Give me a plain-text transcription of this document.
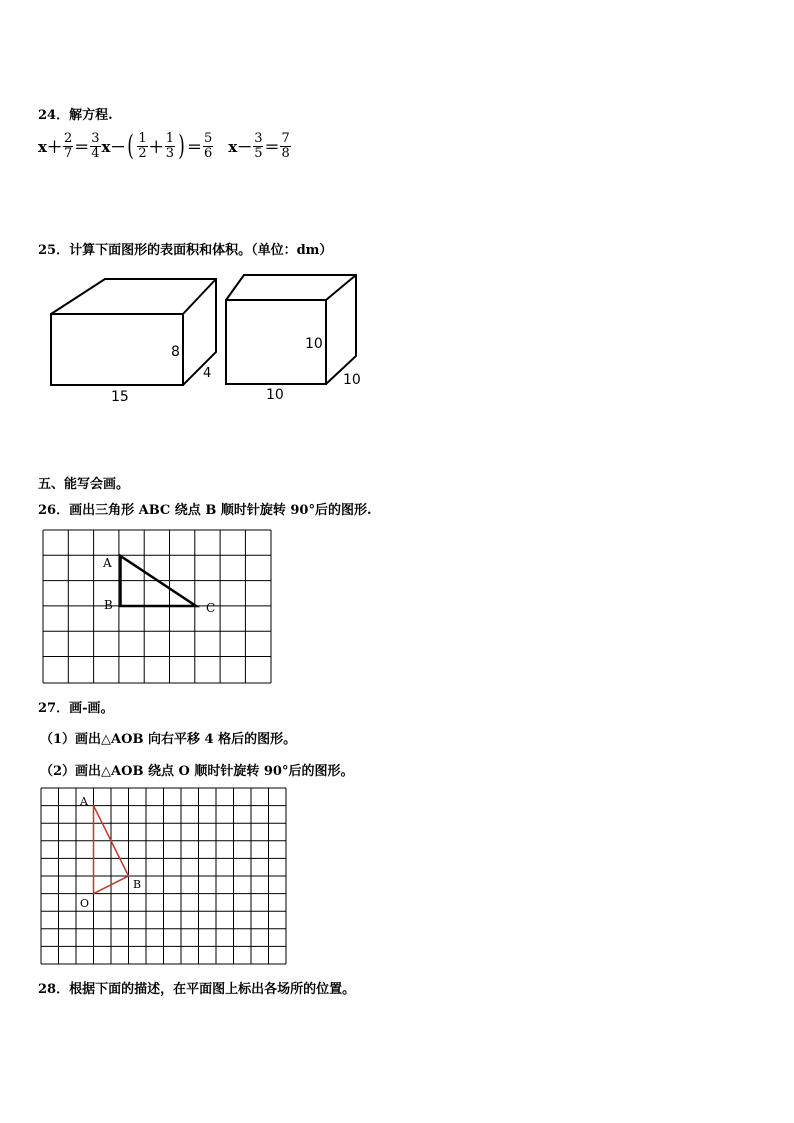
24．解方程.
$x+ \frac{2}{7} = \frac{3}{4} x-$ ( $\frac{1}{2} + \frac{1}{3}$ ) ＝ $\frac{5}{6} x- \frac{3}{5} = \frac{7}{8}$
25．计算下面图形的表面积和体积。（单位：dm）
8
4
15
10
10
10
五、能写会画。
26．画出三角形 ABC 绕点 B 顺时针旋转 90°后的图形.
A
B	C
27．画-画。
（1）画出△AOB 向右平移 4 格后的图形。
（2）画出△AOB 绕点 O 顺时针旋转 90°后的图形。
A
B
O
28．根据下面的描述，在平面图上标出各场所的位置。
